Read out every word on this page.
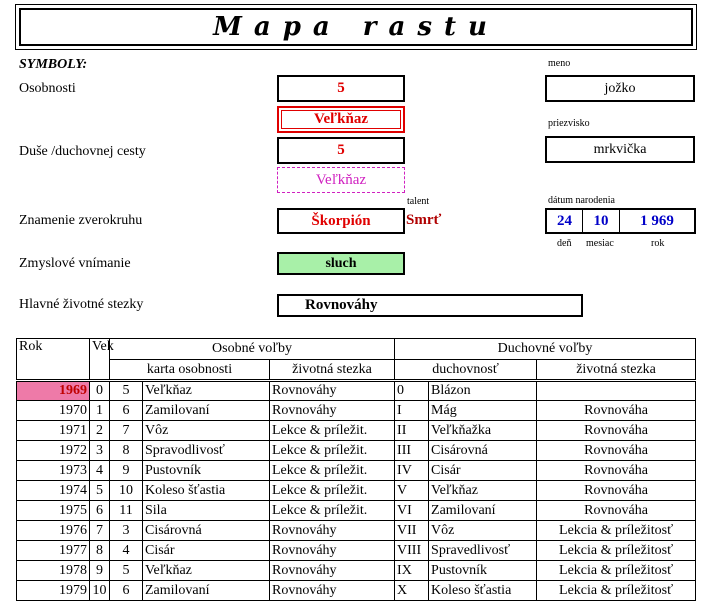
Mapa rastu
SYMBOLY:
Osobnosti	5
Veľkňaz
Duše /duchovnej cesty	5
Veľkňaz
talent
Znamenie zverokruhu	Škorpión	Smrť
Zmyslové vnímanie	sluch
Hlavné životné stezky	Rovnováhy
meno
jožko
priezvisko
mrkvička
dátum narodenia
24	10	1 969
deň mesiac	rok
Rok	Vek	Osobné voľby			Duchovné voľby		
		karta osobnosti		životná stezka	duchovnosť		životná stezka
1969	0	5	Veľkňaz	Rovnováhy	0	Blázon	
1970	1	6	Zamilovaní	Rovnováhy	I	Mág	Rovnováha
1971	2	7	Vôz	Lekce & príležit.	II	Veľkňažka	Rovnováha
1972	3	8	Spravodlivosť	Lekce & príležit.	III	Cisárovná	Rovnováha
1973	4	9	Pustovník	Lekce & príležit.	IV	Cisár	Rovnováha
1974	5	10	Koleso šťastia	Lekce & príležit.	V	Veľkňaz	Rovnováha
1975	6	11	Sila	Lekce & príležit.	VI	Zamilovaní	Rovnováha
1976	7	3	Cisárovná	Rovnováhy	VII	Vôz	Lekcia & príležitosť
1977	8	4	Cisár	Rovnováhy	VIII	Spravedlivosť	Lekcia & príležitosť
1978	9	5	Veľkňaz	Rovnováhy	IX	Pustovník	Lekcia & príležitosť
1979	10	6	Zamilovaní	Rovnováhy	X	Koleso šťastia	Lekcia & príležitosť
